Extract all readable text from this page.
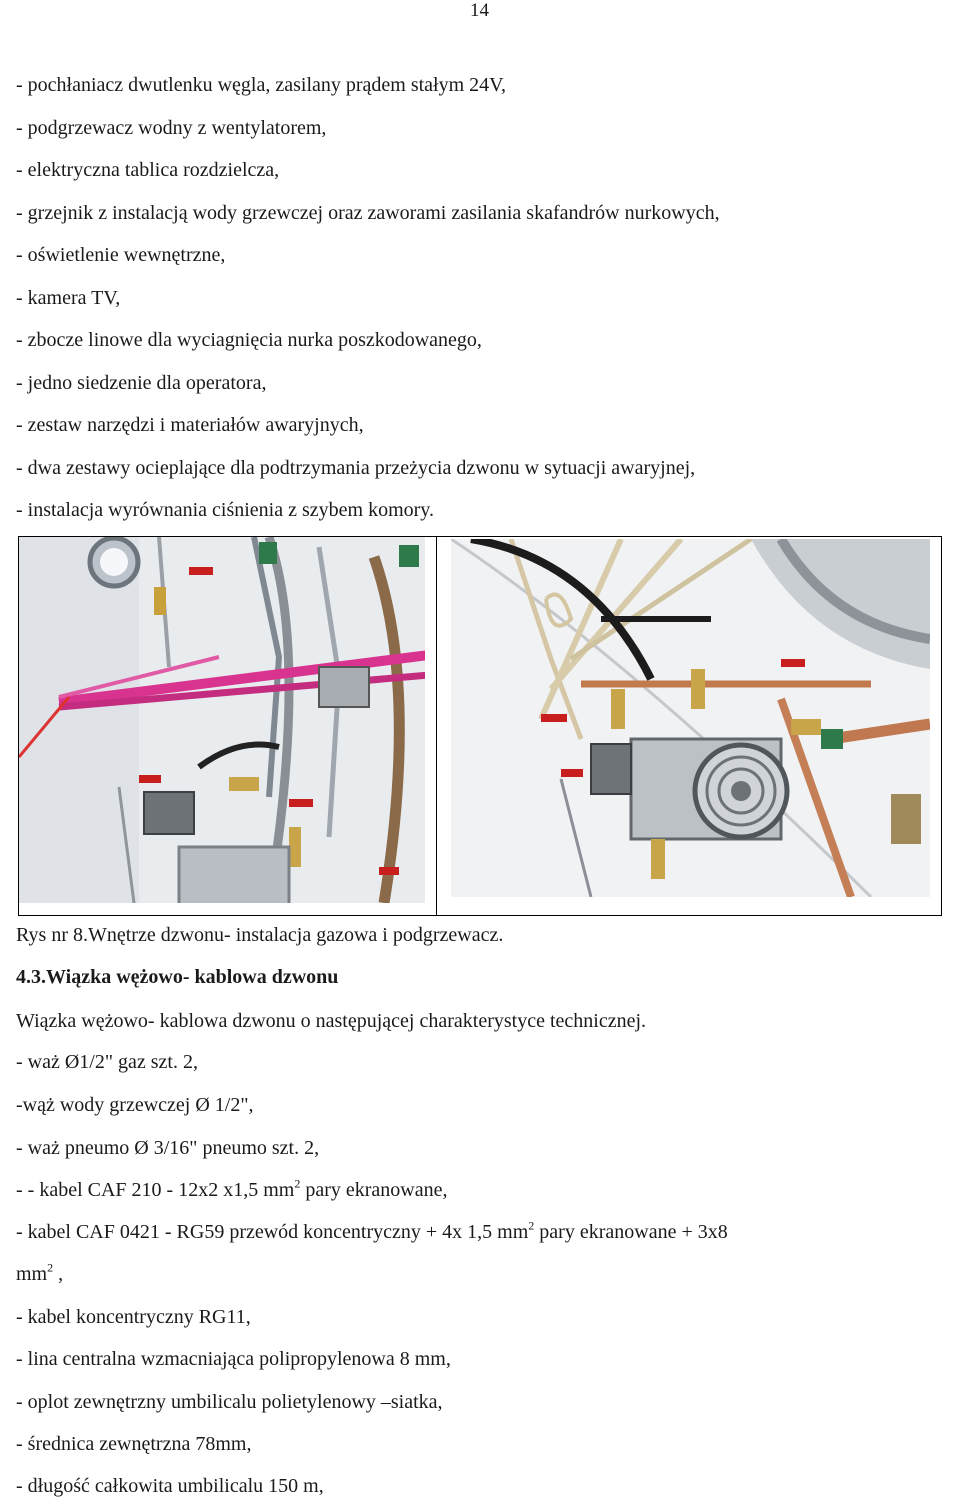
14
- pochłaniacz dwutlenku węgla, zasilany prądem stałym 24V,
- podgrzewacz wodny z wentylatorem,
- elektryczna tablica rozdzielcza,
- grzejnik z instalacją wody grzewczej oraz zaworami zasilania skafandrów nurkowych,
- oświetlenie wewnętrzne,
- kamera TV,
- zbocze linowe dla wyciagnięcia nurka poszkodowanego,
- jedno siedzenie dla operatora,
- zestaw narzędzi i materiałów awaryjnych,
- dwa zestawy ocieplające dla podtrzymania przeżycia dzwonu w sytuacji awaryjnej,
- instalacja wyrównania ciśnienia z szybem komory.
Rys nr 8.Wnętrze dzwonu- instalacja gazowa i podgrzewacz.
4.3.Wiązka wężowo- kablowa dzwonu
Wiązka wężowo- kablowa dzwonu o następującej charakterystyce technicznej.
- waż Ø1/2" gaz szt. 2,
-wąż wody grzewczej Ø 1/2",
- waż pneumo Ø 3/16" pneumo szt. 2,
- - kabel CAF 210 - 12x2 x1,5 $mm^2$ pary ekranowane,
- kabel CAF 0421 - RG59 przewód koncentryczny + 4x 1,5 $mm^2$ pary ekranowane + 3x8
$mm^2$ ,
- kabel koncentryczny RG11,
- lina centralna wzmacniająca polipropylenowa 8 mm,
- oplot zewnętrzny umbilicalu polietylenowy –siatka,
- średnica zewnętrzna 78mm,
- długość całkowita umbilicalu 150 m,
